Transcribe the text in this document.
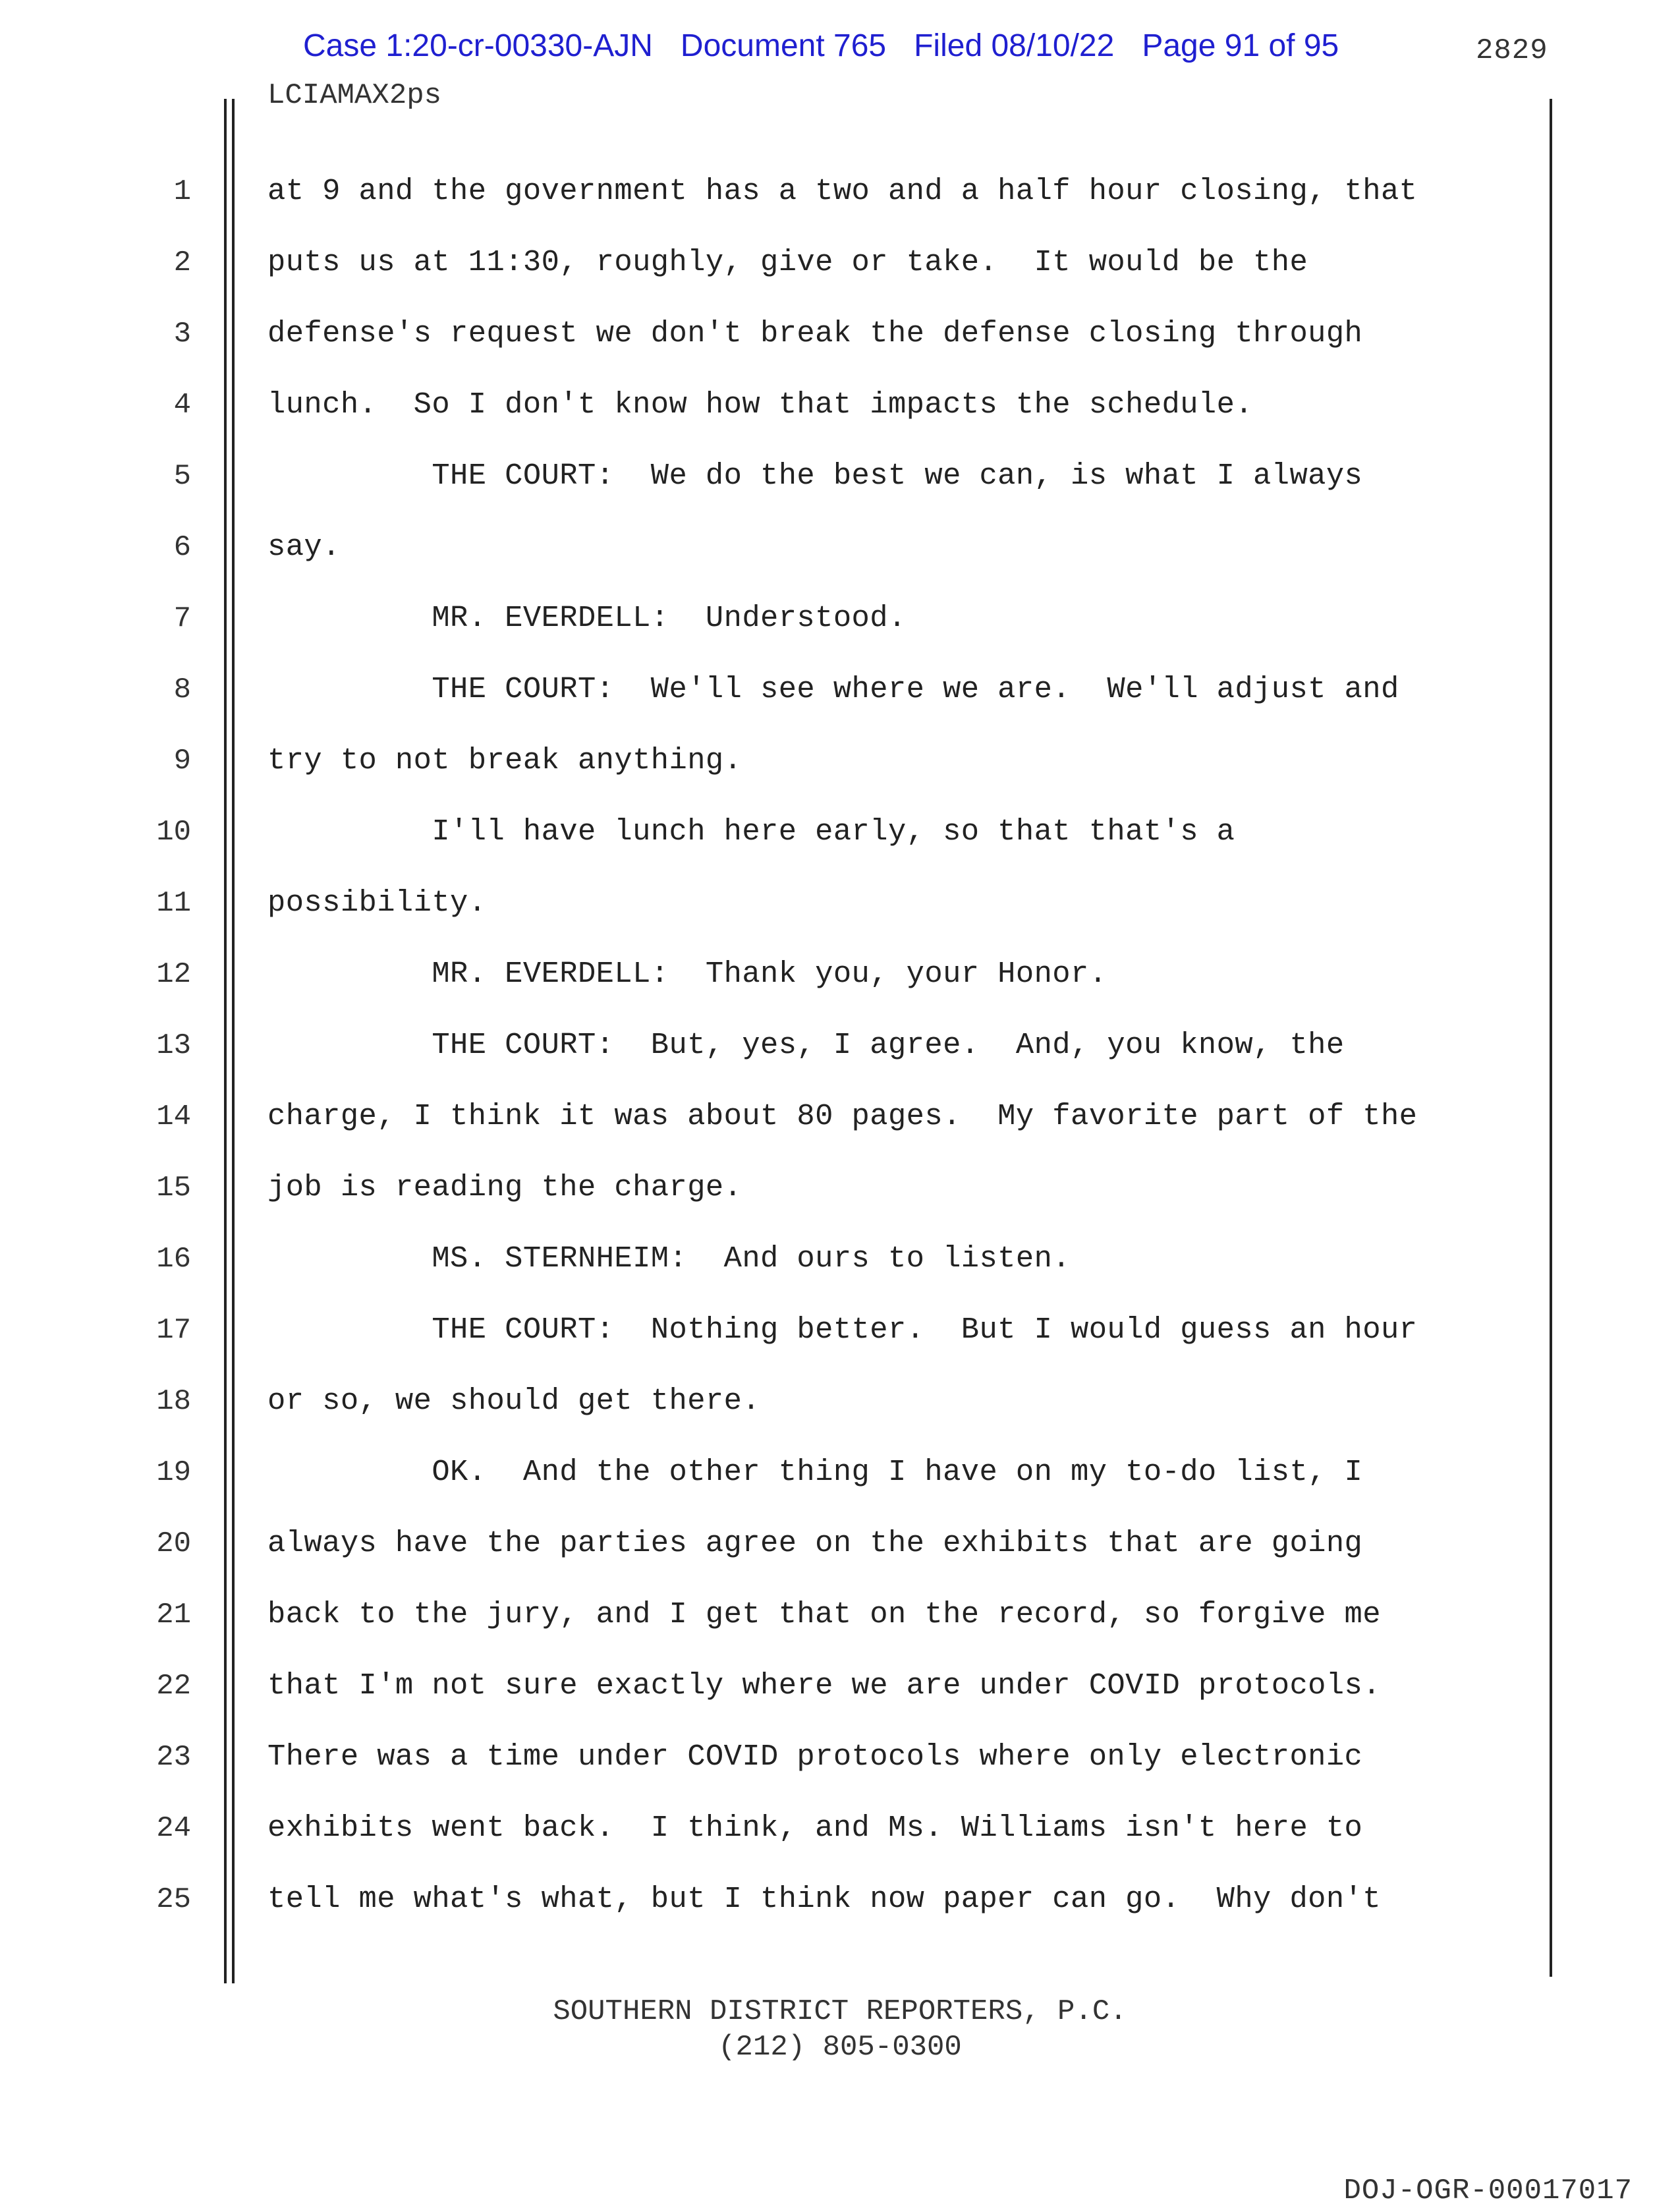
Case 1:20-cr-00330-AJN Document 765 Filed 08/10/22 Page 91 of 95	2829
LCIAMAX2ps
1	at 9 and the government has a two and a half hour closing, that
2	puts us at 11:30, roughly, give or take.  It would be the
3	defense's request we don't break the defense closing through
4	lunch.  So I don't know how that impacts the schedule.
5	THE COURT:  We do the best we can, is what I always
6	say.
7	MR. EVERDELL:  Understood.
8	THE COURT:  We'll see where we are.  We'll adjust and
9	try to not break anything.
10	I'll have lunch here early, so that that's a
11	possibility.
12	MR. EVERDELL:  Thank you, your Honor.
13	THE COURT:  But, yes, I agree.  And, you know, the
14	charge, I think it was about 80 pages.  My favorite part of the
15	job is reading the charge.
16	MS. STERNHEIM:  And ours to listen.
17	THE COURT:  Nothing better.  But I would guess an hour
18	or so, we should get there.
19	OK.  And the other thing I have on my to-do list, I
20	always have the parties agree on the exhibits that are going
21	back to the jury, and I get that on the record, so forgive me
22	that I'm not sure exactly where we are under COVID protocols.
23	There was a time under COVID protocols where only electronic
24	exhibits went back.  I think, and Ms. Williams isn't here to
25	tell me what's what, but I think now paper can go.  Why don't
SOUTHERN DISTRICT REPORTERS, P.C.
(212) 805-0300
DOJ-OGR-00017017
